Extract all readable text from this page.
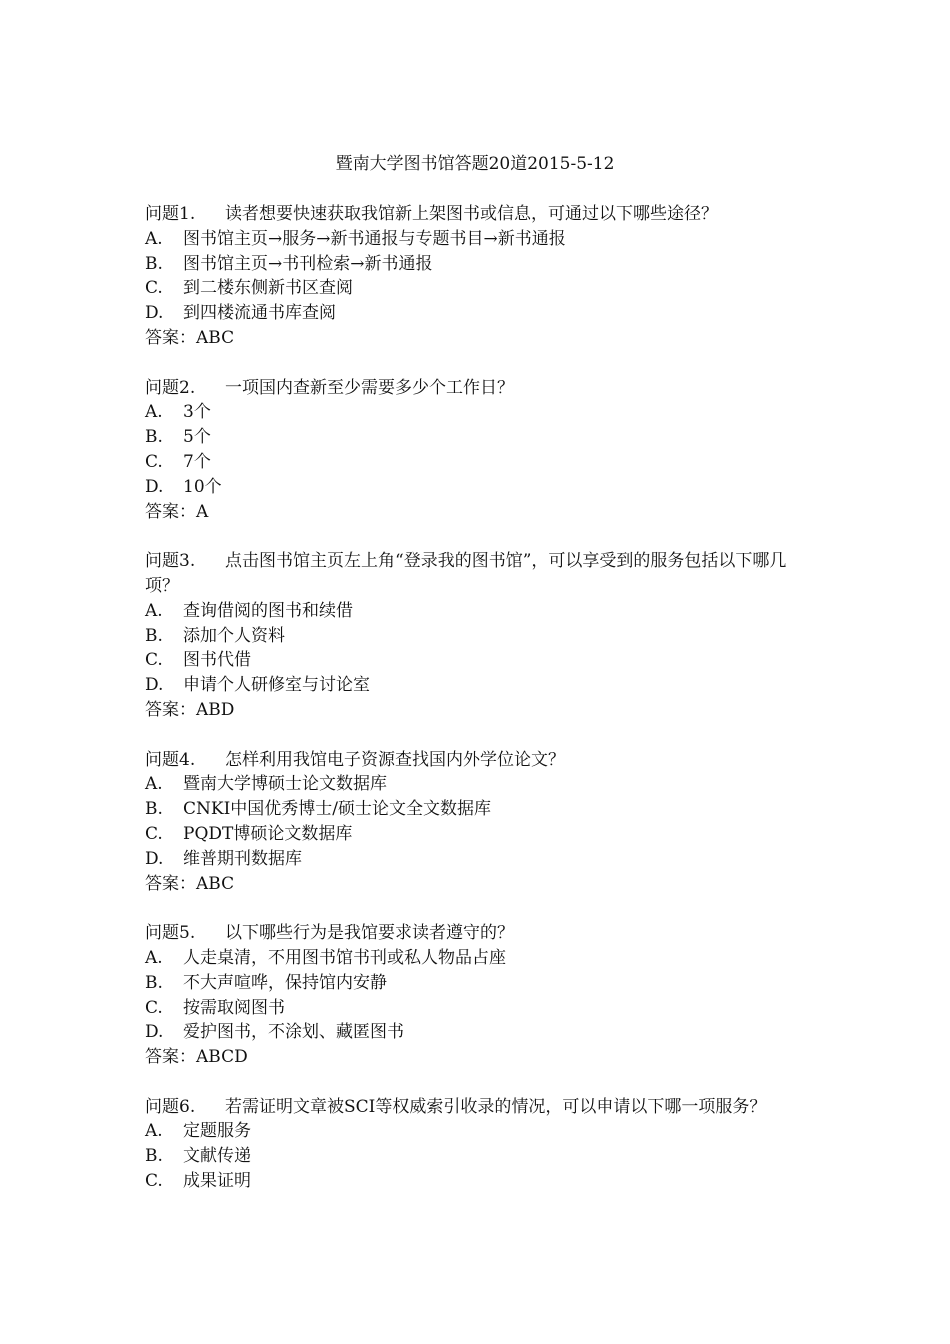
暨南大学图书馆答题20道2015-5-12
问题1. 读者想要快速获取我馆新上架图书或信息，可通过以下哪些途径？
A. 图书馆主页→服务→新书通报与专题书目→新书通报
B. 图书馆主页→书刊检索→新书通报
C. 到二楼东侧新书区查阅
D. 到四楼流通书库查阅
答案：ABC
问题2. 一项国内查新至少需要多少个工作日？
A. 3个
B. 5个
C. 7个
D. 10个
答案：A
问题3. 点击图书馆主页左上角“登录我的图书馆”，可以享受到的服务包括以下哪几项？
A. 查询借阅的图书和续借
B. 添加个人资料
C. 图书代借
D. 申请个人研修室与讨论室
答案：ABD
问题4. 怎样利用我馆电子资源查找国内外学位论文？
A. 暨南大学博硕士论文数据库
B. CNKI中国优秀博士/硕士论文全文数据库
C. PQDT博硕论文数据库
D. 维普期刊数据库
答案：ABC
问题5. 以下哪些行为是我馆要求读者遵守的？
A. 人走桌清，不用图书馆书刊或私人物品占座
B. 不大声喧哗，保持馆内安静
C. 按需取阅图书
D. 爱护图书，不涂划、藏匿图书
答案：ABCD
问题6. 若需证明文章被SCI等权威索引收录的情况，可以申请以下哪一项服务？
A. 定题服务
B. 文献传递
C. 成果证明
